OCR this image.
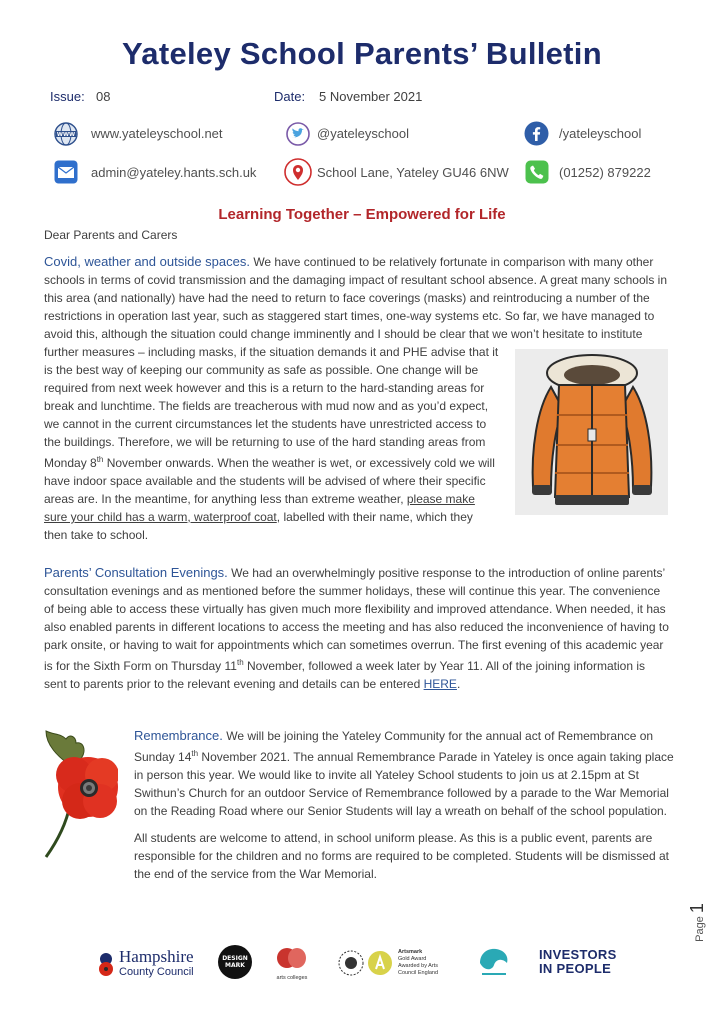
Yateley School Parents’ Bulletin
Issue: 08	Date: 5 November 2021
WWW www.yateleyschool.net	@yateleyschool	/yateleyschool
admin@yateley.hants.sch.uk	School Lane, Yateley GU46 6NW	(01252) 879222
Learning Together – Empowered for Life
Dear Parents and Carers

Covid, weather and outside spaces. We have continued to be relatively fortunate in comparison with many other

schools in terms of covid transmission and the damaging impact of resultant school absence. A great many schools in

this area (and nationally) have had the need to return to face coverings (masks) and reintroducing a number of the

restrictions in operation last year, such as staggered start times, one-way systems etc. So far, we have managed to

avoid this, although the situation could change imminently and I should be clear that we won’t hesitate to institute

further measures – including masks, if the situation demands it and PHE advise that it

is the best way of keeping our community as safe as possible. One change will be

required from next week however and this is a return to the hard-standing areas for

break and lunchtime. The fields are treacherous with mud now and as you’d expect,

we cannot in the current circumstances let the students have unrestricted access to

the buildings. Therefore, we will be returning to use of the hard standing areas from

Monday 8th November onwards. When the weather is wet, or excessively cold we will

have indoor space available and the students will be advised of where their specific

areas are. In the meantime, for anything less than extreme weather, please make

sure your child has a warm, waterproof coat, labelled with their name, which they

then take to school.

Parents’ Consultation Evenings. We had an overwhelmingly positive response to the introduction of online parents’

consultation evenings and as mentioned before the summer holidays, these will continue this year. The convenience

of being able to access these virtually has given much more flexibility and improved attendance. When needed, it has

also enabled parents in different locations to access the meeting and has also reduced the inconvenience of having to

park onsite, or having to wait for appointments which can sometimes overrun. The first evening of this academic year

is for the Sixth Form on Thursday 11th November, followed a week later by Year 11. All of the joining information is

sent to parents prior to the relevant evening and details can be entered HERE.

Remembrance. We will be joining the Yateley Community for the annual act of Remembrance on

Sunday 14th November 2021. The annual Remembrance Parade in Yateley is once again taking place

in person this year. We would like to invite all Yateley School students to join us at 2.15pm at St

Swithun’s Church for an outdoor Service of Remembrance followed by a parade to the War Memorial

on the Reading Road where our Senior Students will lay a wreath on behalf of the school population.

All students are welcome to attend, in school uniform please. As this is a public event, parents are

responsible for the children and no forms are required to be completed. Students will be dismissed at

the end of the service from the War Memorial.

Page 1
Hampshire
County Council
DESIGN
MARK
arts colleges
Artsmark
Gold Award
Awarded by Arts
Council England
INVESTORS
IN PEOPLE
